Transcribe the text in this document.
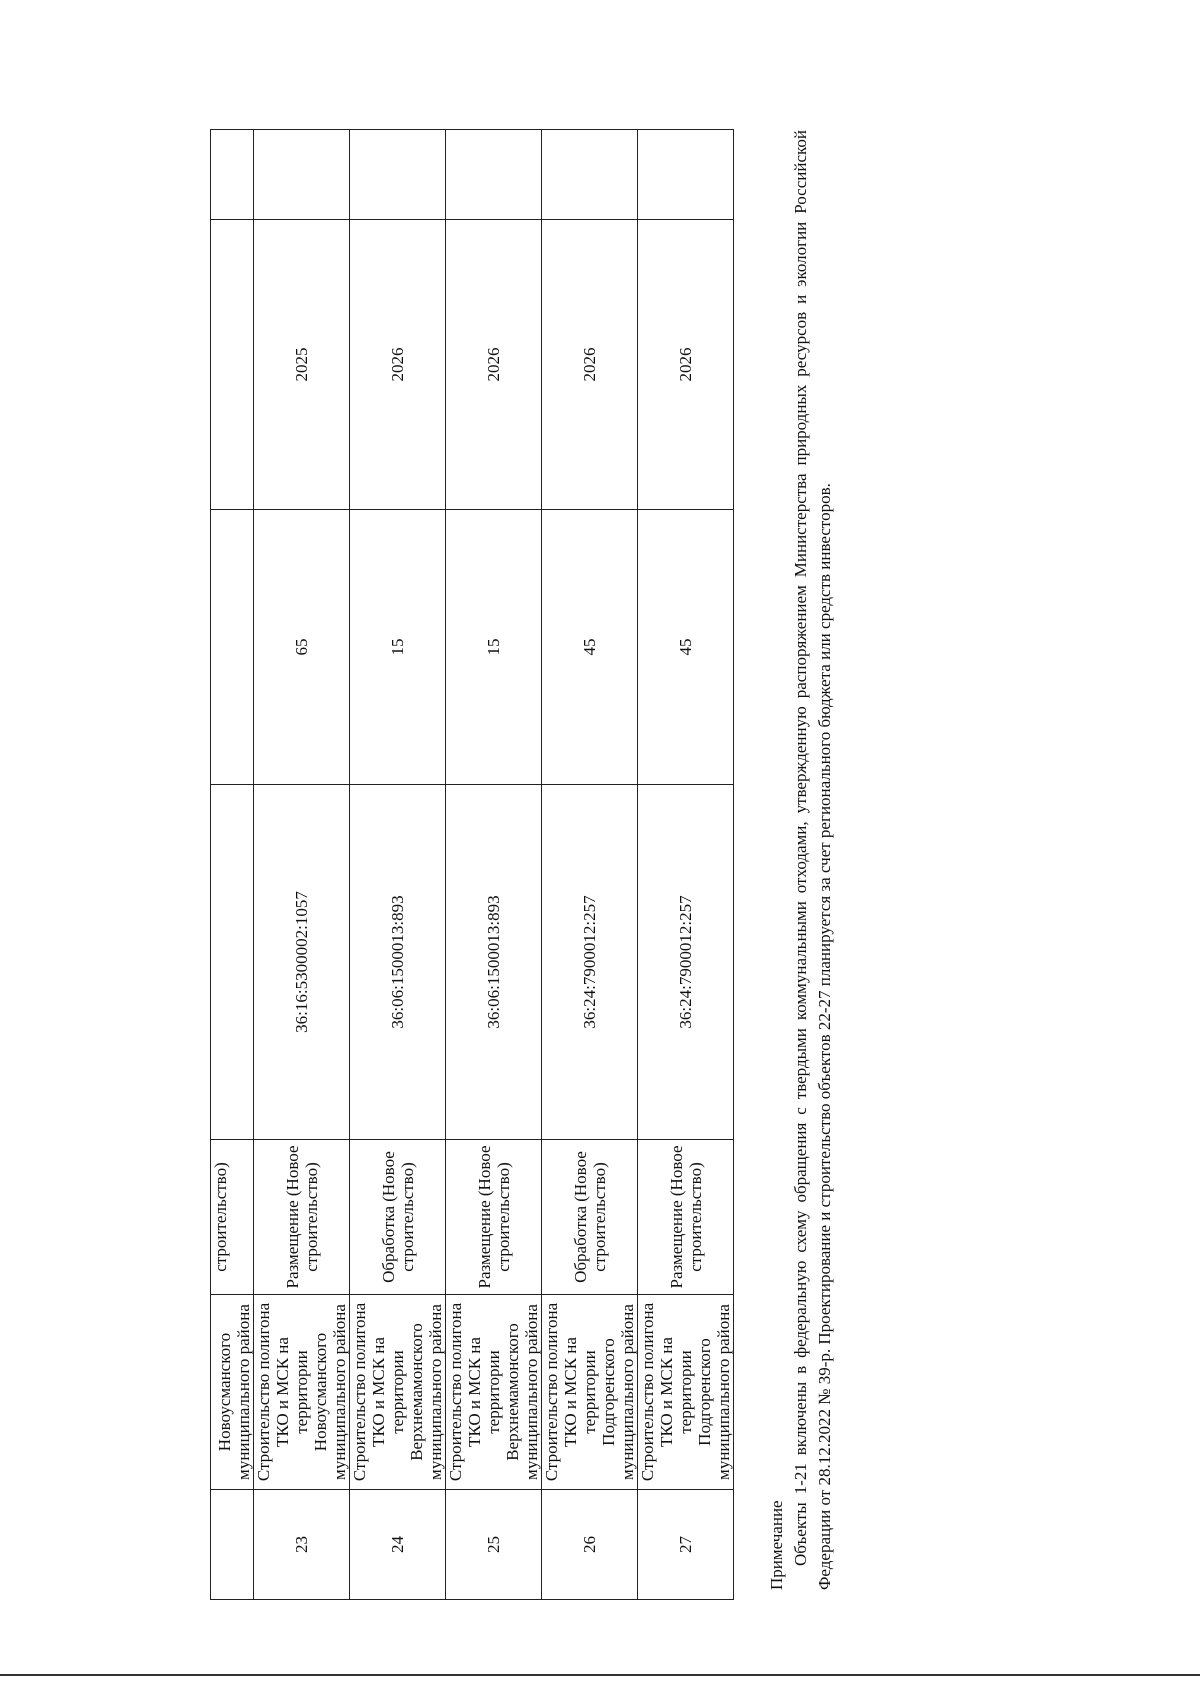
	Новоусманского муниципального района	строительство)				
23	Строительство полигона ТКО и МСК на территории Новоусманского муниципального района	Размещение (Новое строительство)	36:16:5300002:1057	65	2025	
24	Строительство полигона ТКО и МСК на территории Верхнемамонского муниципального района	Обработка (Новое строительство)	36:06:1500013:893	15	2026	
25	Строительство полигона ТКО и МСК на территории Верхнемамонского муниципального района	Размещение (Новое строительство)	36:06:1500013:893	15	2026	
26	Строительство полигона ТКО и МСК на территории Подгоренского муниципального района	Обработка (Новое строительство)	36:24:7900012:257	45	2026	
27	Строительство полигона ТКО и МСК на территории Подгоренского муниципального района	Размещение (Новое строительство)	36:24:7900012:257	45	2026	

Примечание Объекты 1-21 включены в федеральную схему обращения с твердыми коммунальными отходами, утвержденную распоряжением Министерства природных ресурсов и экологии Российской Федерации от 28.12.2022 № 39-р. Проектирование и строительство объектов 22-27 планируется за счет регионального бюджета или средств инвесторов.
